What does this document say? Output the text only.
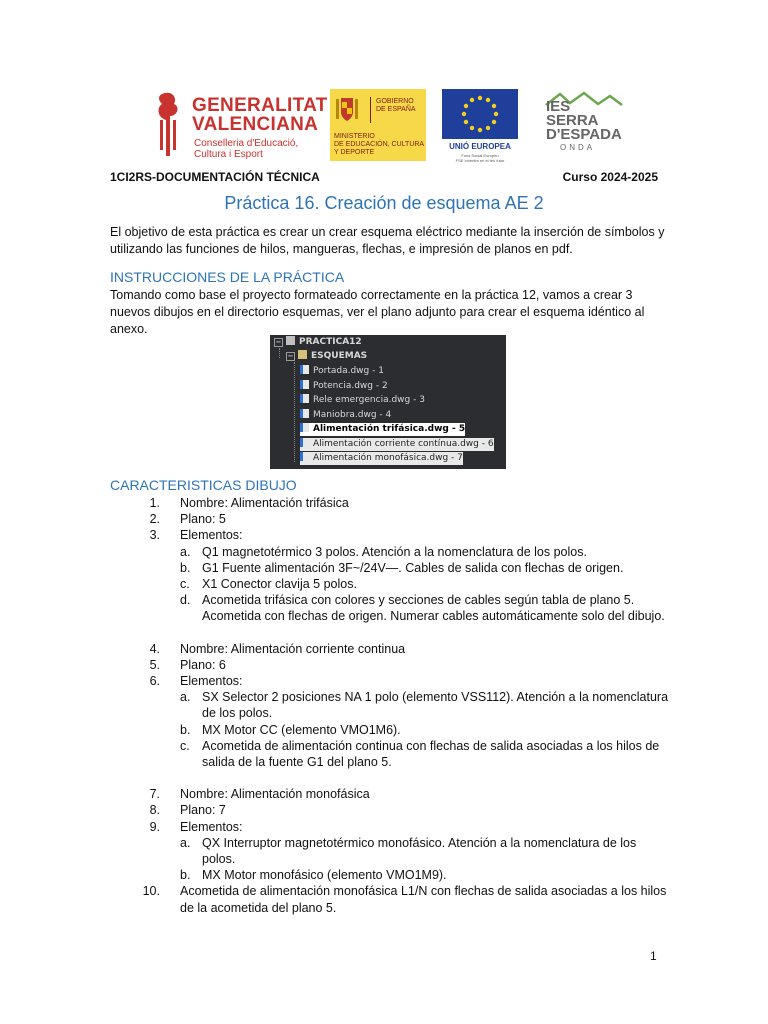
GENERALITAT
VALENCIANA
Conselleria d'Educació,
Cultura i Esport
GOBIERNO
DE ESPAÑA
MINISTERIO
DE EDUCACIÓN, CULTURA
Y DEPORTE
UNIÓ EUROPEA
Fons Social Europeu
FSE Invertim en el teu futur
IES
SERRA
D'ESPADA
ONDA
1CI2RS-DOCUMENTACIÓN TÉCNICA	Curso 2024-2025
Práctica 16. Creación de esquema AE 2
El objetivo de esta práctica es crear un crear esquema eléctrico mediante la inserción de símbolos y utilizando las funciones de hilos, mangueras, flechas, e impresión de planos en pdf.
INSTRUCCIONES DE LA PRÁCTICA
Tomando como base el proyecto formateado correctamente en la práctica 12, vamos a crear 3 nuevos dibujos en el directorio esquemas, ver el plano adjunto para crear el esquema idéntico al anexo.
− PRACTICA12
− ESQUEMAS
Portada.dwg - 1
Potencia.dwg - 2
Rele emergencia.dwg - 3
Maniobra.dwg - 4
Alimentación trifásica.dwg - 5
Alimentación corriente contínua.dwg - 6
Alimentación monofásica.dwg - 7
CARACTERISTICAS DIBUJO
1. Nombre: Alimentación trifásica
2. Plano: 5
3. Elementos:
a. Q1 magnetotérmico 3 polos. Atención a la nomenclatura de los polos.
b. G1 Fuente alimentación 3F~/24V—. Cables de salida con flechas de origen.
c. X1 Conector clavija 5 polos.
d. Acometida trifásica con colores y secciones de cables según tabla de plano 5. Acometida con flechas de origen. Numerar cables automáticamente solo del dibujo.
4. Nombre: Alimentación corriente continua
5. Plano: 6
6. Elementos:
a. SX Selector 2 posiciones NA 1 polo (elemento VSS112). Atención a la nomenclatura de los polos.
b. MX Motor CC (elemento VMO1M6).
c. Acometida de alimentación continua con flechas de salida asociadas a los hilos de salida de la fuente G1 del plano 5.
7. Nombre: Alimentación monofásica
8. Plano: 7
9. Elementos:
a. QX Interruptor magnetotérmico monofásico. Atención a la nomenclatura de los polos.
b. MX Motor monofásico (elemento VMO1M9).
10. Acometida de alimentación monofásica L1/N con flechas de salida asociadas a los hilos de la acometida del plano 5.
1
